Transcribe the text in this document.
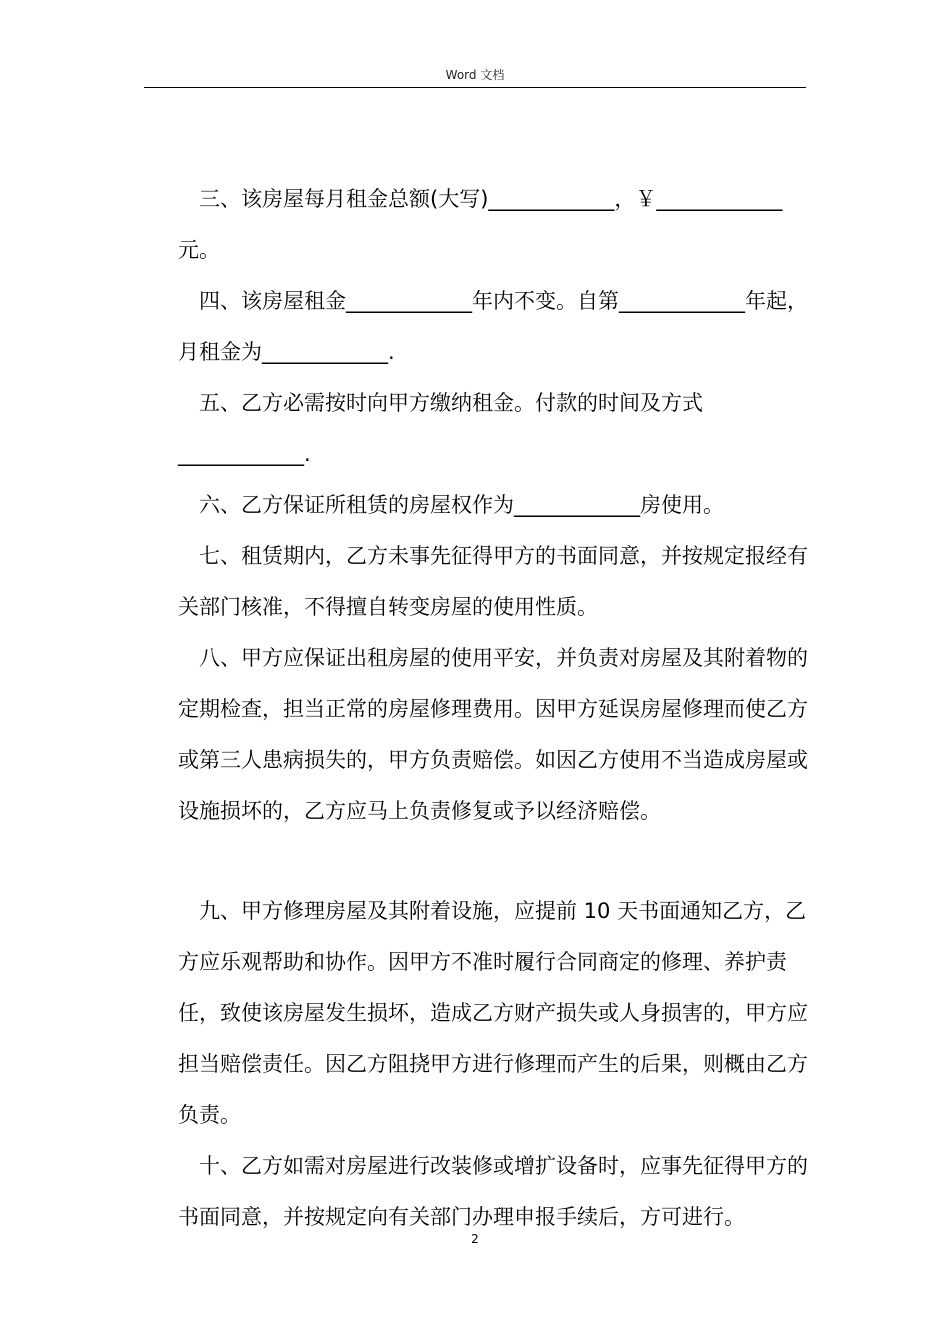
Word 文档

三、该房屋每月租金总额(大写)____________，￥____________元。

四、该房屋租金____________年内不变。自第____________年起，月租金为____________.

五、乙方必需按时向甲方缴纳租金。付款的时间及方式____________.

六、乙方保证所租赁的房屋权作为____________房使用。

七、租赁期内，乙方未事先征得甲方的书面同意，并按规定报经有关部门核准，不得擅自转变房屋的使用性质。

八、甲方应保证出租房屋的使用平安，并负责对房屋及其附着物的定期检查，担当正常的房屋修理费用。因甲方延误房屋修理而使乙方或第三人患病损失的，甲方负责赔偿。如因乙方使用不当造成房屋或设施损坏的，乙方应马上负责修复或予以经济赔偿。

九、甲方修理房屋及其附着设施，应提前 10 天书面通知乙方，乙方应乐观帮助和协作。因甲方不准时履行合同商定的修理、养护责任，致使该房屋发生损坏，造成乙方财产损失或人身损害的，甲方应担当赔偿责任。因乙方阻挠甲方进行修理而产生的后果，则概由乙方负责。

十、乙方如需对房屋进行改装修或增扩设备时，应事先征得甲方的书面同意，并按规定向有关部门办理申报手续后，方可进行。

2
